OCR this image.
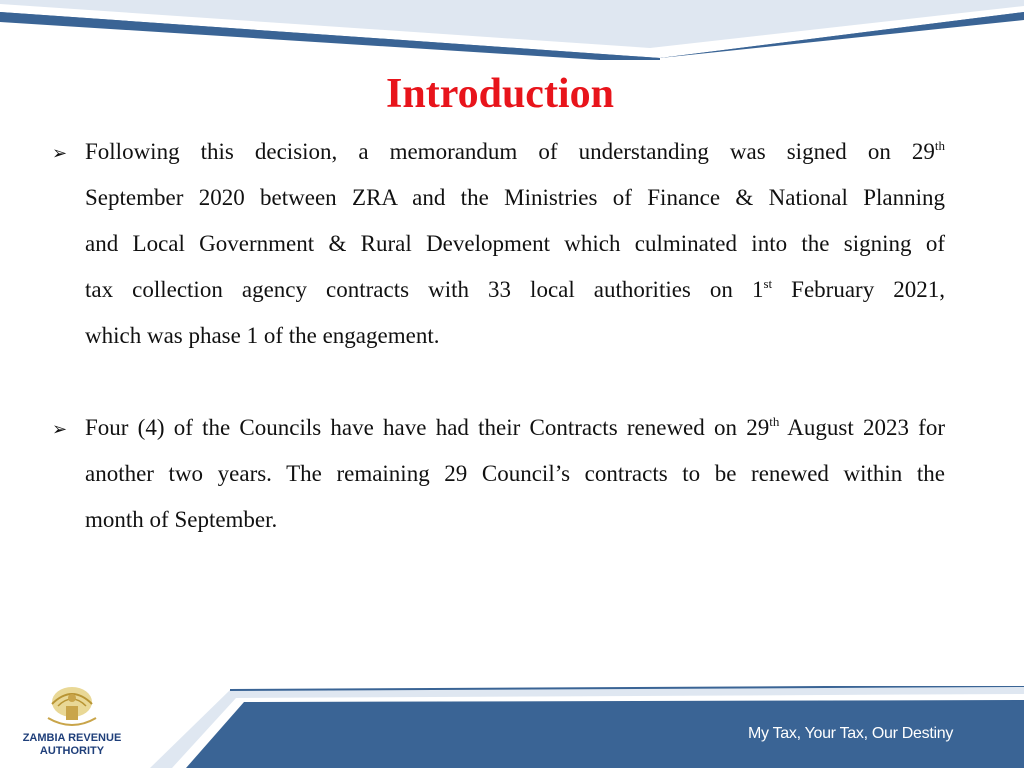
Introduction
➢ Following this decision, a memorandum of understanding was signed on 29th
September 2020 between ZRA and the Ministries of Finance & National Planning
and Local Government & Rural Development which culminated into the signing of
tax collection agency contracts with 33 local authorities on 1st February 2021,
which was phase 1 of the engagement.
➢ Four (4) of the Councils have have had their Contracts renewed on 29th August 2023 for
another two years. The remaining 29 Council’s contracts to be renewed within the
month of September.
ZAMBIA REVENUE
AUTHORITY
My Tax, Your Tax, Our Destiny
